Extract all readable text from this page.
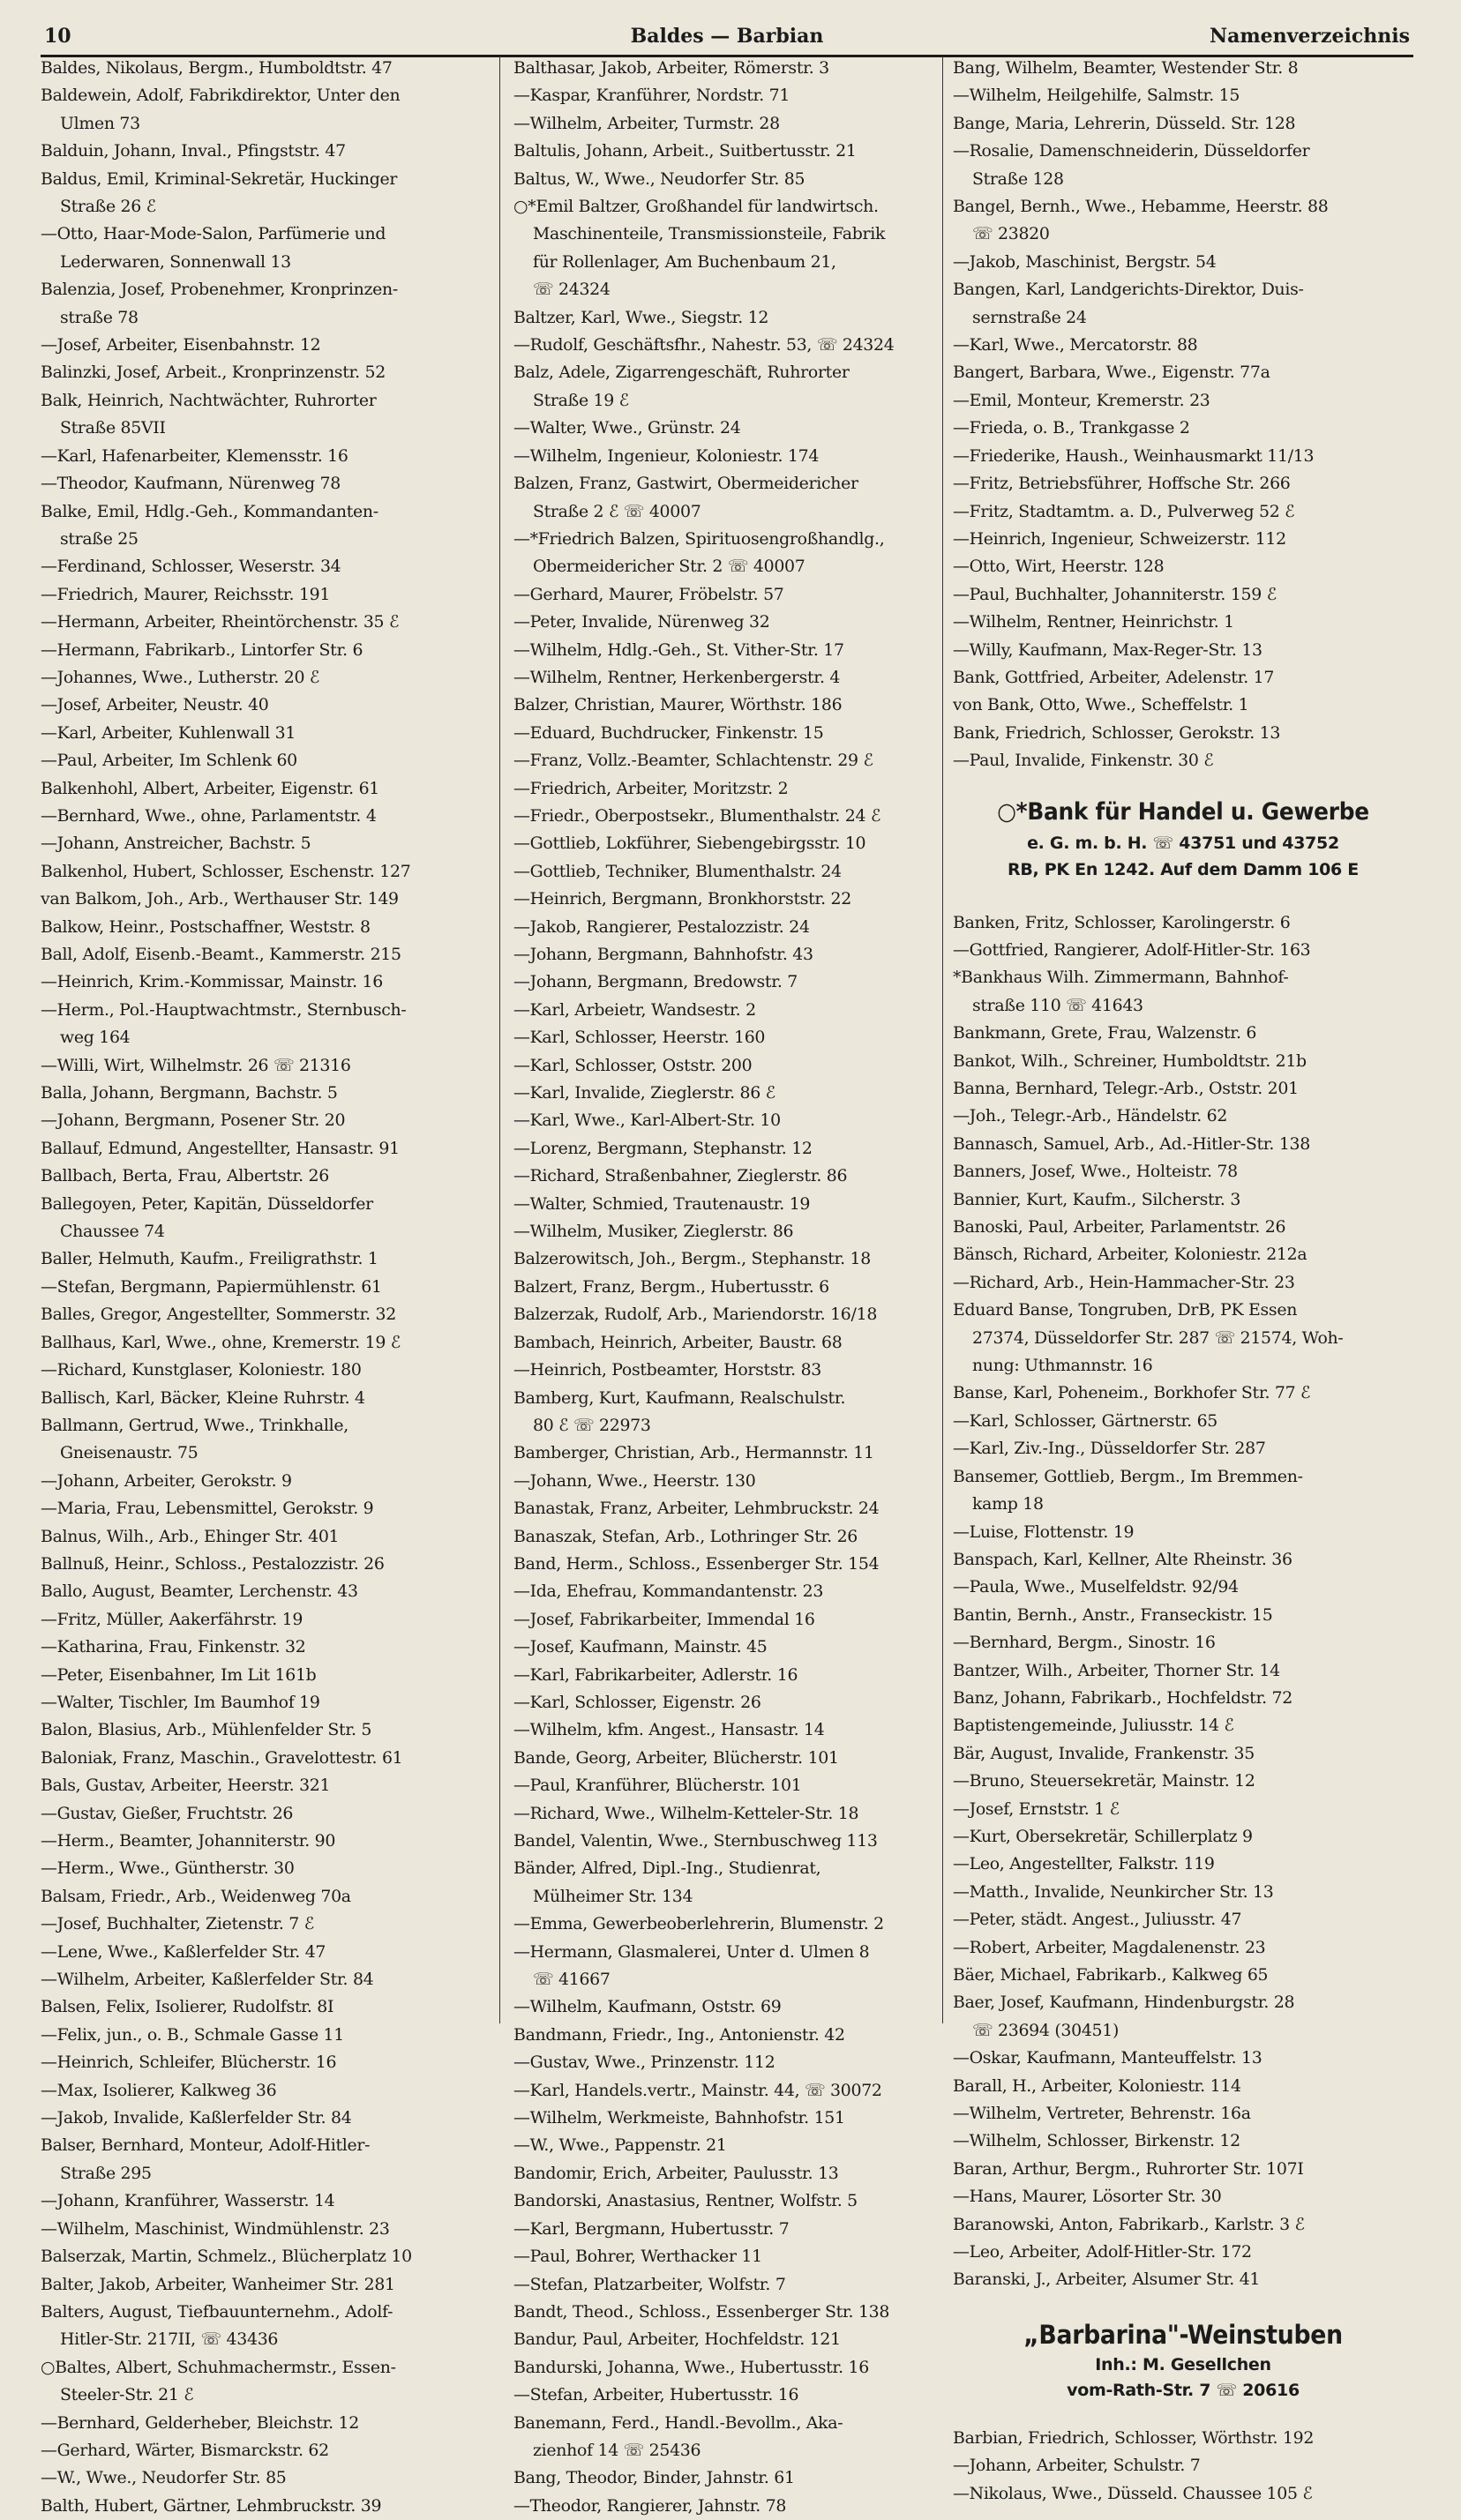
10	Baldes — Barbian	Namenverzeichnis
Baldes, Nikolaus, Bergm., Humboldtstr. 47
Baldewein, Adolf, Fabrikdirektor, Unter den
Ulmen 73
Balduin, Johann, Inval., Pfingststr. 47
Baldus, Emil, Kriminal-Sekretär, Huckinger
Straße 26 ℰ
—Otto, Haar-Mode-Salon, Parfümerie und
Lederwaren, Sonnenwall 13
Balenzia, Josef, Probenehmer, Kronprinzen-
straße 78
—Josef, Arbeiter, Eisenbahnstr. 12
Balinzki, Josef, Arbeit., Kronprinzenstr. 52
Balk, Heinrich, Nachtwächter, Ruhrorter
Straße 85VII
—Karl, Hafenarbeiter, Klemensstr. 16
—Theodor, Kaufmann, Nürenweg 78
Balke, Emil, Hdlg.-Geh., Kommandanten-
straße 25
—Ferdinand, Schlosser, Weserstr. 34
—Friedrich, Maurer, Reichsstr. 191
—Hermann, Arbeiter, Rheintörchenstr. 35 ℰ
—Hermann, Fabrikarb., Lintorfer Str. 6
—Johannes, Wwe., Lutherstr. 20 ℰ
—Josef, Arbeiter, Neustr. 40
—Karl, Arbeiter, Kuhlenwall 31
—Paul, Arbeiter, Im Schlenk 60
Balkenhohl, Albert, Arbeiter, Eigenstr. 61
—Bernhard, Wwe., ohne, Parlamentstr. 4
—Johann, Anstreicher, Bachstr. 5
Balkenhol, Hubert, Schlosser, Eschenstr. 127
van Balkom, Joh., Arb., Werthauser Str. 149
Balkow, Heinr., Postschaffner, Weststr. 8
Ball, Adolf, Eisenb.-Beamt., Kammerstr. 215
—Heinrich, Krim.-Kommissar, Mainstr. 16
—Herm., Pol.-Hauptwachtmstr., Sternbusch-
weg 164
—Willi, Wirt, Wilhelmstr. 26 ☏ 21316
Balla, Johann, Bergmann, Bachstr. 5
—Johann, Bergmann, Posener Str. 20
Ballauf, Edmund, Angestellter, Hansastr. 91
Ballbach, Berta, Frau, Albertstr. 26
Ballegoyen, Peter, Kapitän, Düsseldorfer
Chaussee 74
Baller, Helmuth, Kaufm., Freiligrathstr. 1
—Stefan, Bergmann, Papiermühlenstr. 61
Balles, Gregor, Angestellter, Sommerstr. 32
Ballhaus, Karl, Wwe., ohne, Kremerstr. 19 ℰ
—Richard, Kunstglaser, Koloniestr. 180
Ballisch, Karl, Bäcker, Kleine Ruhrstr. 4
Ballmann, Gertrud, Wwe., Trinkhalle,
Gneisenaustr. 75
—Johann, Arbeiter, Gerokstr. 9
—Maria, Frau, Lebensmittel, Gerokstr. 9
Balnus, Wilh., Arb., Ehinger Str. 401
Ballnuß, Heinr., Schloss., Pestalozzistr. 26
Ballo, August, Beamter, Lerchenstr. 43
—Fritz, Müller, Aakerfährstr. 19
—Katharina, Frau, Finkenstr. 32
—Peter, Eisenbahner, Im Lit 161b
—Walter, Tischler, Im Baumhof 19
Balon, Blasius, Arb., Mühlenfelder Str. 5
Baloniak, Franz, Maschin., Gravelottestr. 61
Bals, Gustav, Arbeiter, Heerstr. 321
—Gustav, Gießer, Fruchtstr. 26
—Herm., Beamter, Johanniterstr. 90
—Herm., Wwe., Güntherstr. 30
Balsam, Friedr., Arb., Weidenweg 70a
—Josef, Buchhalter, Zietenstr. 7 ℰ
—Lene, Wwe., Kaßlerfelder Str. 47
—Wilhelm, Arbeiter, Kaßlerfelder Str. 84
Balsen, Felix, Isolierer, Rudolfstr. 8I
—Felix, jun., o. B., Schmale Gasse 11
—Heinrich, Schleifer, Blücherstr. 16
—Max, Isolierer, Kalkweg 36
—Jakob, Invalide, Kaßlerfelder Str. 84
Balser, Bernhard, Monteur, Adolf-Hitler-
Straße 295
—Johann, Kranführer, Wasserstr. 14
—Wilhelm, Maschinist, Windmühlenstr. 23
Balserzak, Martin, Schmelz., Blücherplatz 10
Balter, Jakob, Arbeiter, Wanheimer Str. 281
Balters, August, Tiefbauunternehm., Adolf-
Hitler-Str. 217II, ☏ 43436
○Baltes, Albert, Schuhmachermstr., Essen-
Steeler-Str. 21 ℰ
—Bernhard, Gelderheber, Bleichstr. 12
—Gerhard, Wärter, Bismarckstr. 62
—W., Wwe., Neudorfer Str. 85
Balth, Hubert, Gärtner, Lehmbruckstr. 39
Balthasar, Jakob, Arbeiter, Römerstr. 3
—Kaspar, Kranführer, Nordstr. 71
—Wilhelm, Arbeiter, Turmstr. 28
Baltulis, Johann, Arbeit., Suitbertusstr. 21
Baltus, W., Wwe., Neudorfer Str. 85
○*Emil Baltzer, Großhandel für landwirtsch.
Maschinenteile, Transmissionsteile, Fabrik
für Rollenlager, Am Buchenbaum 21,
☏ 24324
Baltzer, Karl, Wwe., Siegstr. 12
—Rudolf, Geschäftsfhr., Nahestr. 53, ☏ 24324
Balz, Adele, Zigarrengeschäft, Ruhrorter
Straße 19 ℰ
—Walter, Wwe., Grünstr. 24
—Wilhelm, Ingenieur, Koloniestr. 174
Balzen, Franz, Gastwirt, Obermeidericher
Straße 2 ℰ ☏ 40007
—*Friedrich Balzen, Spirituosengroßhandlg.,
Obermeidericher Str. 2 ☏ 40007
—Gerhard, Maurer, Fröbelstr. 57
—Peter, Invalide, Nürenweg 32
—Wilhelm, Hdlg.-Geh., St. Vither-Str. 17
—Wilhelm, Rentner, Herkenbergerstr. 4
Balzer, Christian, Maurer, Wörthstr. 186
—Eduard, Buchdrucker, Finkenstr. 15
—Franz, Vollz.-Beamter, Schlachtenstr. 29 ℰ
—Friedrich, Arbeiter, Moritzstr. 2
—Friedr., Oberpostsekr., Blumenthalstr. 24 ℰ
—Gottlieb, Lokführer, Siebengebirgsstr. 10
—Gottlieb, Techniker, Blumenthalstr. 24
—Heinrich, Bergmann, Bronkhorststr. 22
—Jakob, Rangierer, Pestalozzistr. 24
—Johann, Bergmann, Bahnhofstr. 43
—Johann, Bergmann, Bredowstr. 7
—Karl, Arbeietr, Wandsestr. 2
—Karl, Schlosser, Heerstr. 160
—Karl, Schlosser, Oststr. 200
—Karl, Invalide, Zieglerstr. 86 ℰ
—Karl, Wwe., Karl-Albert-Str. 10
—Lorenz, Bergmann, Stephanstr. 12
—Richard, Straßenbahner, Zieglerstr. 86
—Walter, Schmied, Trautenaustr. 19
—Wilhelm, Musiker, Zieglerstr. 86
Balzerowitsch, Joh., Bergm., Stephanstr. 18
Balzert, Franz, Bergm., Hubertusstr. 6
Balzerzak, Rudolf, Arb., Mariendorstr. 16/18
Bambach, Heinrich, Arbeiter, Baustr. 68
—Heinrich, Postbeamter, Horststr. 83
Bamberg, Kurt, Kaufmann, Realschulstr.
80 ℰ ☏ 22973
Bamberger, Christian, Arb., Hermannstr. 11
—Johann, Wwe., Heerstr. 130
Banastak, Franz, Arbeiter, Lehmbruckstr. 24
Banaszak, Stefan, Arb., Lothringer Str. 26
Band, Herm., Schloss., Essenberger Str. 154
—Ida, Ehefrau, Kommandantenstr. 23
—Josef, Fabrikarbeiter, Immendal 16
—Josef, Kaufmann, Mainstr. 45
—Karl, Fabrikarbeiter, Adlerstr. 16
—Karl, Schlosser, Eigenstr. 26
—Wilhelm, kfm. Angest., Hansastr. 14
Bande, Georg, Arbeiter, Blücherstr. 101
—Paul, Kranführer, Blücherstr. 101
—Richard, Wwe., Wilhelm-Ketteler-Str. 18
Bandel, Valentin, Wwe., Sternbuschweg 113
Bänder, Alfred, Dipl.-Ing., Studienrat,
Mülheimer Str. 134
—Emma, Gewerbeoberlehrerin, Blumenstr. 2
—Hermann, Glasmalerei, Unter d. Ulmen 8
☏ 41667
—Wilhelm, Kaufmann, Oststr. 69
Bandmann, Friedr., Ing., Antonienstr. 42
—Gustav, Wwe., Prinzenstr. 112
—Karl, Handels.vertr., Mainstr. 44, ☏ 30072
—Wilhelm, Werkmeiste, Bahnhofstr. 151
—W., Wwe., Pappenstr. 21
Bandomir, Erich, Arbeiter, Paulusstr. 13
Bandorski, Anastasius, Rentner, Wolfstr. 5
—Karl, Bergmann, Hubertusstr. 7
—Paul, Bohrer, Werthacker 11
—Stefan, Platzarbeiter, Wolfstr. 7
Bandt, Theod., Schloss., Essenberger Str. 138
Bandur, Paul, Arbeiter, Hochfeldstr. 121
Bandurski, Johanna, Wwe., Hubertusstr. 16
—Stefan, Arbeiter, Hubertusstr. 16
Banemann, Ferd., Handl.-Bevollm., Aka-
zienhof 14 ☏ 25436
Bang, Theodor, Binder, Jahnstr. 61
—Theodor, Rangierer, Jahnstr. 78
Bang, Wilhelm, Beamter, Westender Str. 8
—Wilhelm, Heilgehilfe, Salmstr. 15
Bange, Maria, Lehrerin, Düsseld. Str. 128
—Rosalie, Damenschneiderin, Düsseldorfer
Straße 128
Bangel, Bernh., Wwe., Hebamme, Heerstr. 88
☏ 23820
—Jakob, Maschinist, Bergstr. 54
Bangen, Karl, Landgerichts-Direktor, Duis-
sernstraße 24
—Karl, Wwe., Mercatorstr. 88
Bangert, Barbara, Wwe., Eigenstr. 77a
—Emil, Monteur, Kremerstr. 23
—Frieda, o. B., Trankgasse 2
—Friederike, Haush., Weinhausmarkt 11/13
—Fritz, Betriebsführer, Hoffsche Str. 266
—Fritz, Stadtamtm. a. D., Pulverweg 52 ℰ
—Heinrich, Ingenieur, Schweizerstr. 112
—Otto, Wirt, Heerstr. 128
—Paul, Buchhalter, Johanniterstr. 159 ℰ
—Wilhelm, Rentner, Heinrichstr. 1
—Willy, Kaufmann, Max-Reger-Str. 13
Bank, Gottfried, Arbeiter, Adelenstr. 17
von Bank, Otto, Wwe., Scheffelstr. 1
Bank, Friedrich, Schlosser, Gerokstr. 13
—Paul, Invalide, Finkenstr. 30 ℰ
○*Bank für Handel u. Gewerbe
e. G. m. b. H. ☏ 43751 und 43752
RB, PK En 1242. Auf dem Damm 106 E
Banken, Fritz, Schlosser, Karolingerstr. 6
—Gottfried, Rangierer, Adolf-Hitler-Str. 163
*Bankhaus Wilh. Zimmermann, Bahnhof-
straße 110 ☏ 41643
Bankmann, Grete, Frau, Walzenstr. 6
Bankot, Wilh., Schreiner, Humboldtstr. 21b
Banna, Bernhard, Telegr.-Arb., Oststr. 201
—Joh., Telegr.-Arb., Händelstr. 62
Bannasch, Samuel, Arb., Ad.-Hitler-Str. 138
Banners, Josef, Wwe., Holteistr. 78
Bannier, Kurt, Kaufm., Silcherstr. 3
Banoski, Paul, Arbeiter, Parlamentstr. 26
Bänsch, Richard, Arbeiter, Koloniestr. 212a
—Richard, Arb., Hein-Hammacher-Str. 23
Eduard Banse, Tongruben, DrB, PK Essen
27374, Düsseldorfer Str. 287 ☏ 21574, Woh-
nung: Uthmannstr. 16
Banse, Karl, Poheneim., Borkhofer Str. 77 ℰ
—Karl, Schlosser, Gärtnerstr. 65
—Karl, Ziv.-Ing., Düsseldorfer Str. 287
Bansemer, Gottlieb, Bergm., Im Bremmen-
kamp 18
—Luise, Flottenstr. 19
Banspach, Karl, Kellner, Alte Rheinstr. 36
—Paula, Wwe., Muselfeldstr. 92/94
Bantin, Bernh., Anstr., Franseckistr. 15
—Bernhard, Bergm., Sinostr. 16
Bantzer, Wilh., Arbeiter, Thorner Str. 14
Banz, Johann, Fabrikarb., Hochfeldstr. 72
Baptistengemeinde, Juliusstr. 14 ℰ
Bär, August, Invalide, Frankenstr. 35
—Bruno, Steuersekretär, Mainstr. 12
—Josef, Ernststr. 1 ℰ
—Kurt, Obersekretär, Schillerplatz 9
—Leo, Angestellter, Falkstr. 119
—Matth., Invalide, Neunkircher Str. 13
—Peter, städt. Angest., Juliusstr. 47
—Robert, Arbeiter, Magdalenenstr. 23
Bäer, Michael, Fabrikarb., Kalkweg 65
Baer, Josef, Kaufmann, Hindenburgstr. 28
☏ 23694 (30451)
—Oskar, Kaufmann, Manteuffelstr. 13
Barall, H., Arbeiter, Koloniestr. 114
—Wilhelm, Vertreter, Behrenstr. 16a
—Wilhelm, Schlosser, Birkenstr. 12
Baran, Arthur, Bergm., Ruhrorter Str. 107I
—Hans, Maurer, Lösorter Str. 30
Baranowski, Anton, Fabrikarb., Karlstr. 3 ℰ
—Leo, Arbeiter, Adolf-Hitler-Str. 172
Baranski, J., Arbeiter, Alsumer Str. 41
„Barbarina"-Weinstuben
Inh.: M. Gesellchen
vom-Rath-Str. 7 ☏ 20616
Barbian, Friedrich, Schlosser, Wörthstr. 192
—Johann, Arbeiter, Schulstr. 7
—Nikolaus, Wwe., Düsseld. Chaussee 105 ℰ
